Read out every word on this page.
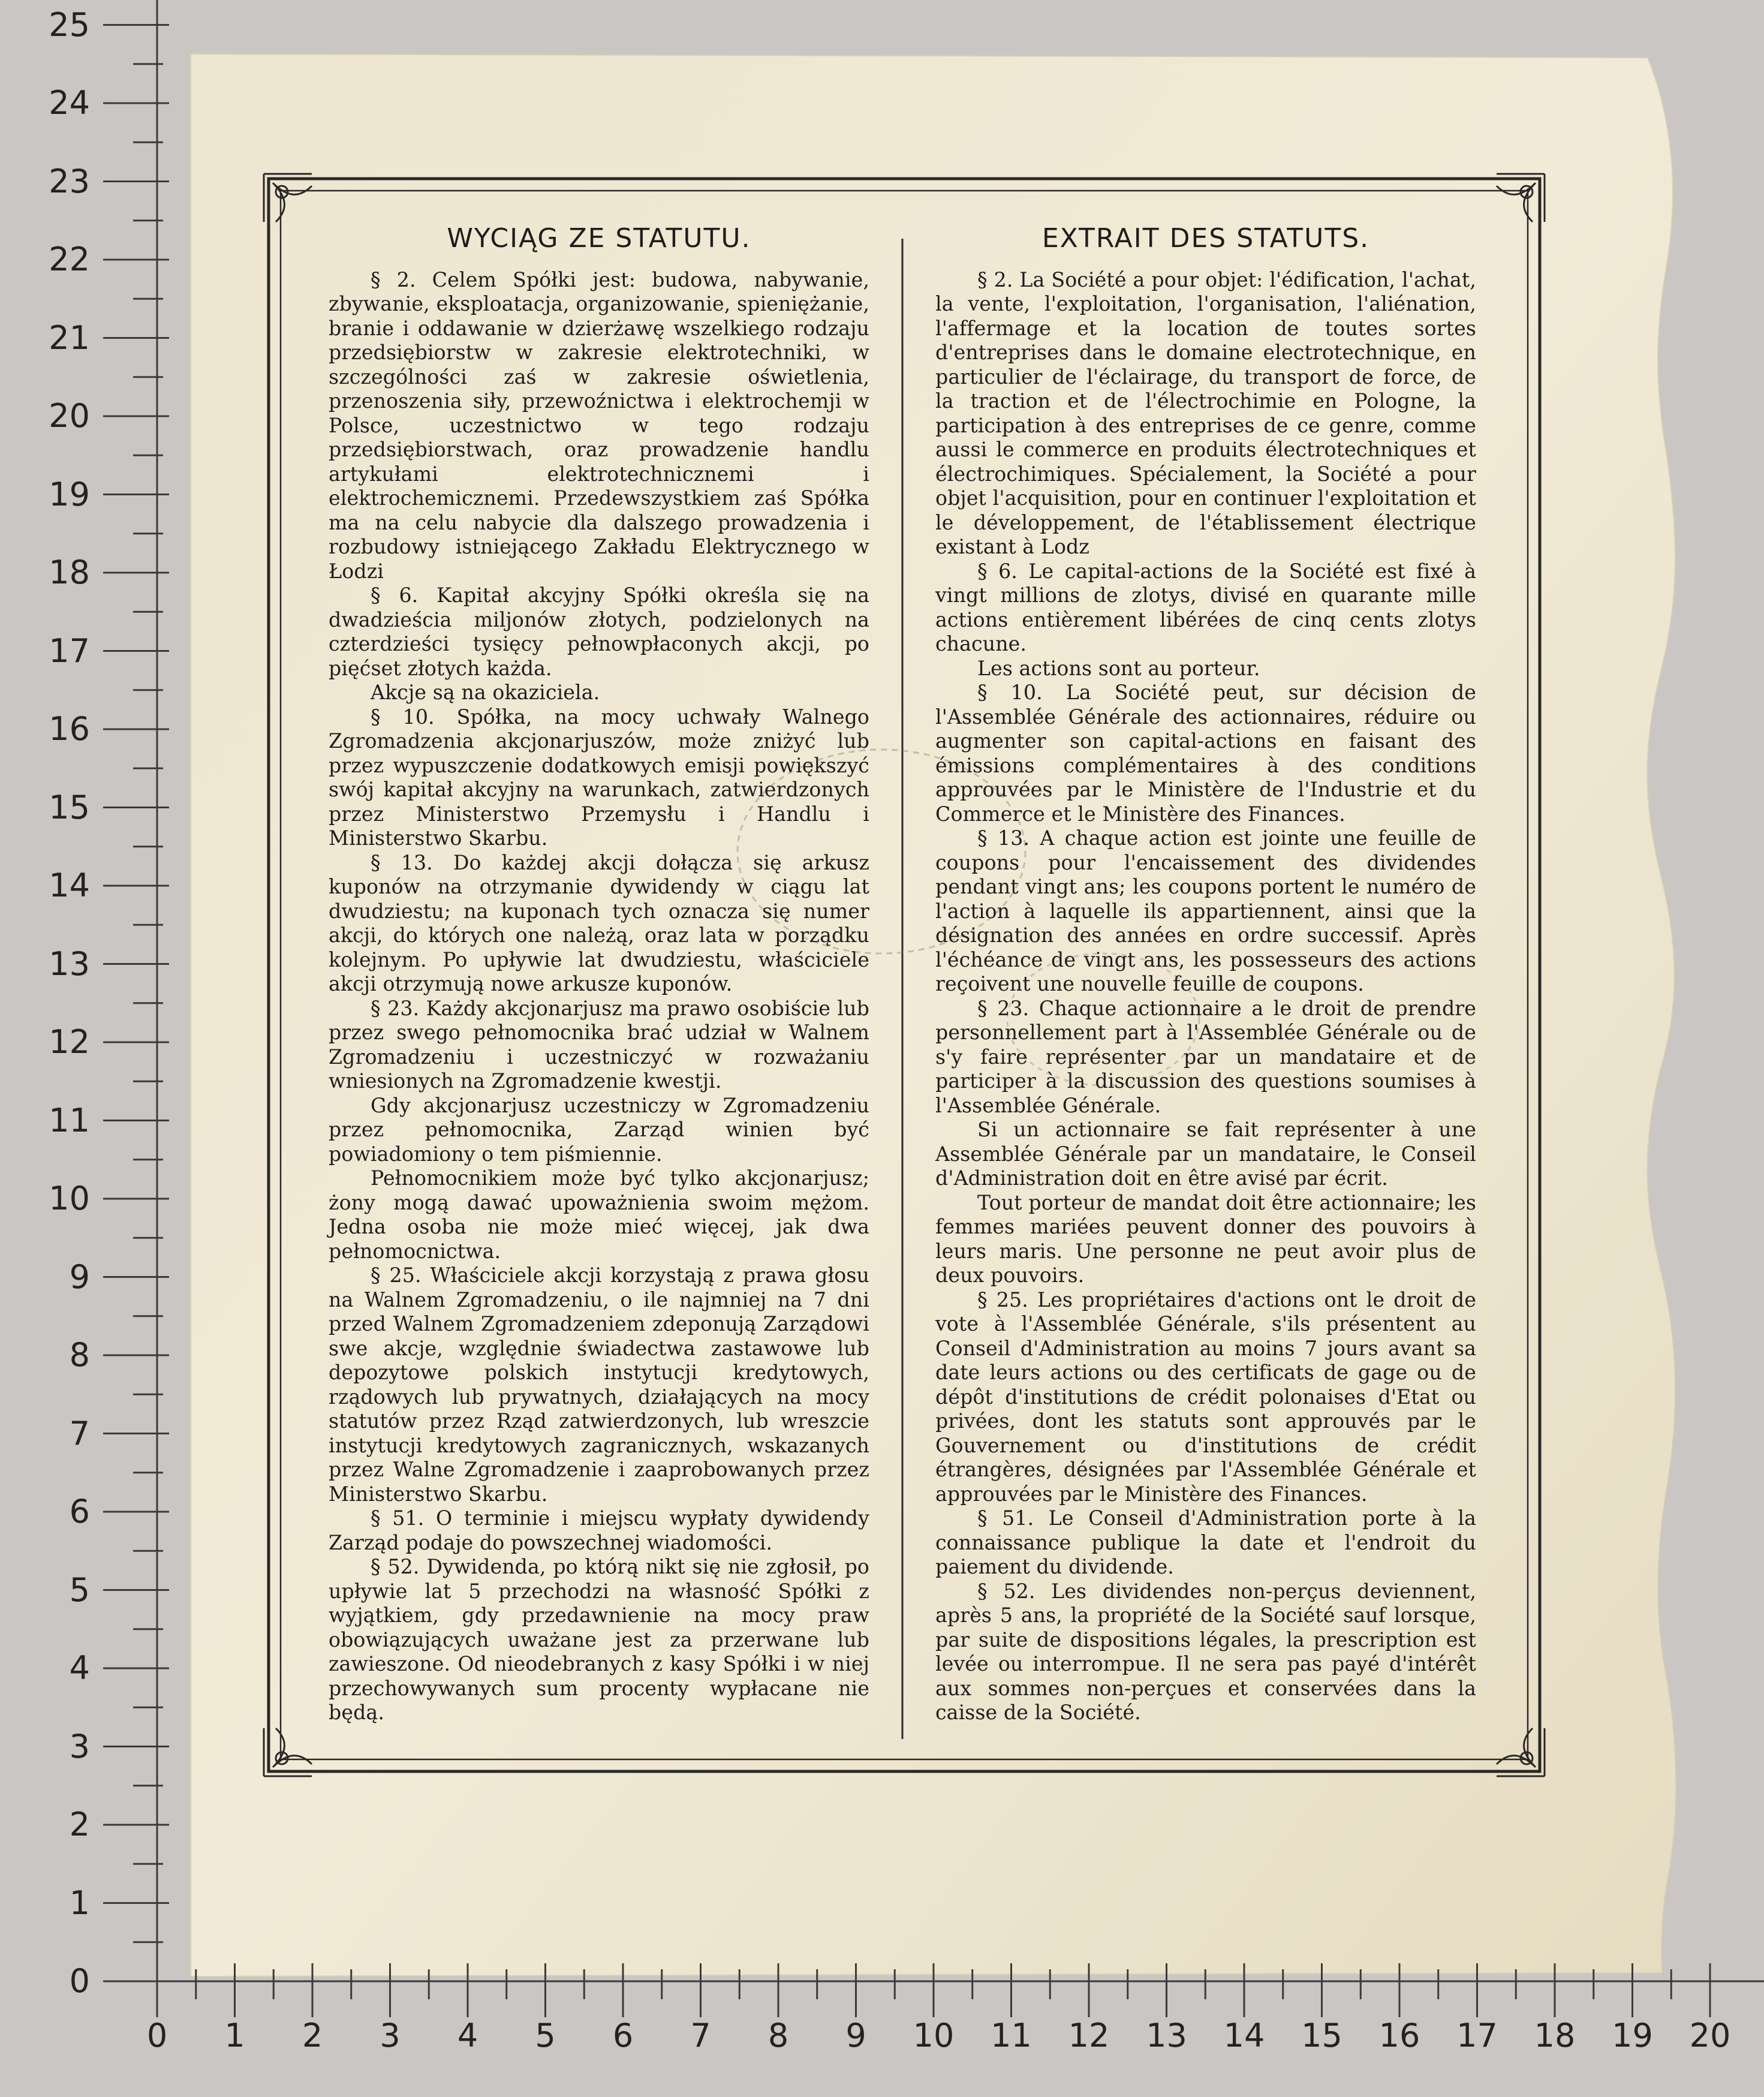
0
1
2
3
4
5
6
7
8
9
10
11
12
13
14
15
16
17
18
19
20
21
22
23
24
25
0	1	2	3	4	5	6	7	8	9	10	11	12	13	14	15	16	17	18	19	20
WYCIĄG ZE STATUTU.

§ 2. Celem Spółki jest: budowa, nabywanie, zbywanie, eksploatacja, organizowanie, spieniężanie, branie i oddawanie w dzierżawę wszelkiego rodzaju przedsiębiorstw w zakresie elektrotechniki, w szczególności zaś w zakresie oświetlenia, przenoszenia siły, przewoźnictwa i elektrochemji w Polsce, uczestnictwo w tego rodzaju przedsiębiorstwach, oraz prowadzenie handlu artykułami elektrotechnicznemi i elektrochemicznemi. Przedewszystkiem zaś Spółka ma na celu nabycie dla dalszego prowadzenia i rozbudowy istniejącego Zakładu Elektrycznego w Łodzi

§ 6. Kapitał akcyjny Spółki określa się na dwadzieścia miljonów złotych, podzielonych na czterdzieści tysięcy pełnowpłaconych akcji, po pięćset złotych każda.

Akcje są na okaziciela.

§ 10. Spółka, na mocy uchwały Walnego Zgromadzenia akcjonarjuszów, może zniżyć lub przez wypuszczenie dodatkowych emisji powiększyć swój kapitał akcyjny na warunkach, zatwierdzonych przez Ministerstwo Przemysłu i Handlu i Ministerstwo Skarbu.

§ 13. Do każdej akcji dołącza się arkusz kuponów na otrzymanie dywidendy w ciągu lat dwudziestu; na kuponach tych oznacza się numer akcji, do których one należą, oraz lata w porządku kolejnym. Po upływie lat dwudziestu, właściciele akcji otrzymują nowe arkusze kuponów.

§ 23. Każdy akcjonarjusz ma prawo osobiście lub przez swego pełnomocnika brać udział w Walnem Zgromadzeniu i uczestniczyć w rozważaniu wniesionych na Zgromadzenie kwestji.

Gdy akcjonarjusz uczestniczy w Zgromadzeniu przez pełnomocnika, Zarząd winien być powiadomiony o tem piśmiennie.

Pełnomocnikiem może być tylko akcjonarjusz; żony mogą dawać upoważnienia swoim mężom. Jedna osoba nie może mieć więcej, jak dwa pełnomocnictwa.

§ 25. Właściciele akcji korzystają z prawa głosu na Walnem Zgromadzeniu, o ile najmniej na 7 dni przed Walnem Zgromadzeniem zdeponują Zarządowi swe akcje, względnie świadectwa zastawowe lub depozytowe polskich instytucji kredytowych, rządowych lub prywatnych, działających na mocy statutów przez Rząd zatwierdzonych, lub wreszcie instytucji kredytowych zagranicznych, wskazanych przez Walne Zgromadzenie i zaaprobowanych przez Ministerstwo Skarbu.

§ 51. O terminie i miejscu wypłaty dywidendy Zarząd podaje do powszechnej wiadomości.

§ 52. Dywidenda, po którą nikt się nie zgłosił, po upływie lat 5 przechodzi na własność Spółki z wyjątkiem, gdy przedawnienie na mocy praw obowiązujących uważane jest za przerwane lub zawieszone. Od nieodebranych z kasy Spółki i w niej przechowywanych sum procenty wypłacane nie będą.

EXTRAIT DES STATUTS.

§ 2. La Société a pour objet: l'édification, l'achat, la vente, l'exploitation, l'organisation, l'aliénation, l'affermage et la location de toutes sortes d'entreprises dans le domaine electrotechnique, en particulier de l'éclairage, du transport de force, de la traction et de l'électrochimie en Pologne, la participation à des entreprises de ce genre, comme aussi le commerce en produits électrotechniques et électrochimiques. Spécialement, la Société a pour objet l'acquisition, pour en continuer l'exploitation et le développement, de l'établissement électrique existant à Lodz

§ 6. Le capital-actions de la Société est fixé à vingt millions de zlotys, divisé en quarante mille actions entièrement libérées de cinq cents zlotys chacune.

Les actions sont au porteur.

§ 10. La Société peut, sur décision de l'Assemblée Générale des actionnaires, réduire ou augmenter son capital-actions en faisant des émissions complémentaires à des conditions approuvées par le Ministère de l'Industrie et du Commerce et le Ministère des Finances.

§ 13. A chaque action est jointe une feuille de coupons pour l'encaissement des dividendes pendant vingt ans; les coupons portent le numéro de l'action à laquelle ils appartiennent, ainsi que la désignation des années en ordre successif. Après l'échéance de vingt ans, les possesseurs des actions reçoivent une nouvelle feuille de coupons.

§ 23. Chaque actionnaire a le droit de prendre personnellement part à l'Assemblée Générale ou de s'y faire représenter par un mandataire et de participer à la discussion des questions soumises à l'Assemblée Générale.

Si un actionnaire se fait représenter à une Assemblée Générale par un mandataire, le Conseil d'Administration doit en être avisé par écrit.

Tout porteur de mandat doit être actionnaire; les femmes mariées peuvent donner des pouvoirs à leurs maris. Une personne ne peut avoir plus de deux pouvoirs.

§ 25. Les propriétaires d'actions ont le droit de vote à l'Assemblée Générale, s'ils présentent au Conseil d'Administration au moins 7 jours avant sa date leurs actions ou des certificats de gage ou de dépôt d'institutions de crédit polonaises d'Etat ou privées, dont les statuts sont approuvés par le Gouvernement ou d'institutions de crédit étrangères, désignées par l'Assemblée Générale et approuvées par le Ministère des Finances.

§ 51. Le Conseil d'Administration porte à la connaissance publique la date et l'endroit du paiement du dividende.

§ 52. Les dividendes non-perçus deviennent, après 5 ans, la propriété de la Société sauf lorsque, par suite de dispositions légales, la prescription est levée ou interrompue. Il ne sera pas payé d'intérêt aux sommes non-perçues et conservées dans la caisse de la Société.
